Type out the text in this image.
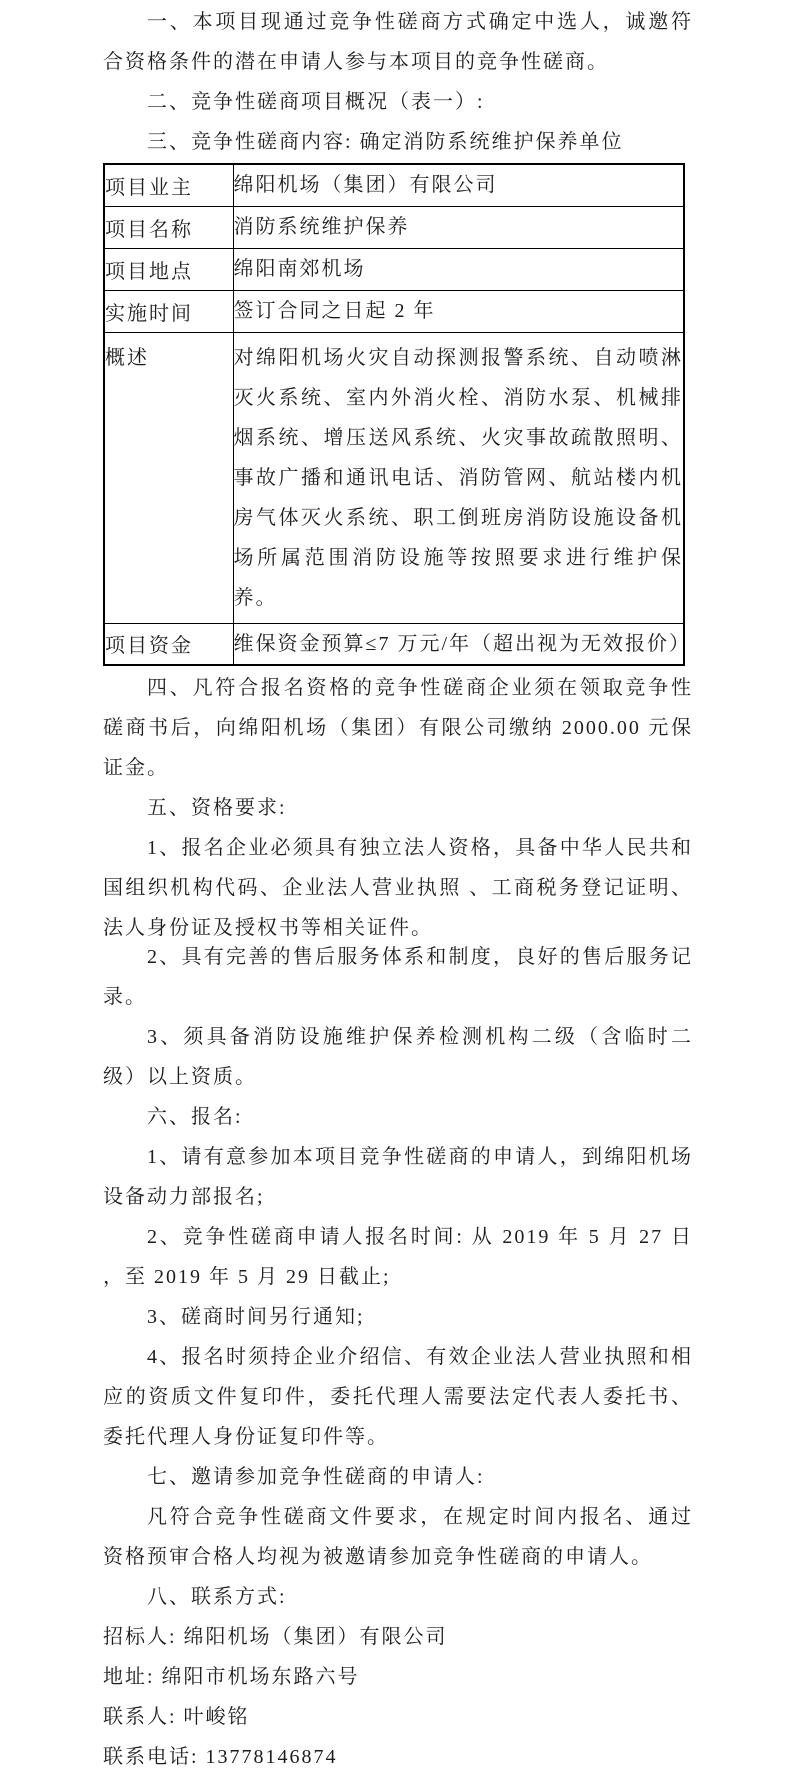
一、本项目现通过竞争性磋商方式确定中选人，诚邀符合资格条件的潜在申请人参与本项目的竞争性磋商。

二、竞争性磋商项目概况（表一）:

三、竞争性磋商内容: 确定消防系统维护保养单位

项目业主	绵阳机场（集团）有限公司
项目名称	消防系统维护保养
项目地点	绵阳南郊机场
实施时间	签订合同之日起 2 年
概述	对绵阳机场火灾自动探测报警系统、自动喷淋灭火系统、室内外消火栓、消防水泵、机械排烟系统、增压送风系统、火灾事故疏散照明、事故广播和通讯电话、消防管网、航站楼内机房气体灭火系统、职工倒班房消防设施设备机场所属范围消防设施等按照要求进行维护保养。
项目资金	维保资金预算≤7 万元/年（超出视为无效报价）

四、凡符合报名资格的竞争性磋商企业须在领取竞争性磋商书后，向绵阳机场（集团）有限公司缴纳 2000.00 元保证金。

五、资格要求:

1、报名企业必须具有独立法人资格，具备中华人民共和国组织机构代码、企业法人营业执照 、工商税务登记证明、法人身份证及授权书等相关证件。

2、具有完善的售后服务体系和制度，良好的售后服务记录。

3、须具备消防设施维护保养检测机构二级（含临时二级）以上资质。

六、报名:

1、请有意参加本项目竞争性磋商的申请人，到绵阳机场设备动力部报名;

2、竞争性磋商申请人报名时间: 从 2019 年 5 月 27 日 ，至 2019 年 5 月 29 日截止;

3、磋商时间另行通知;

4、报名时须持企业介绍信、有效企业法人营业执照和相应的资质文件复印件，委托代理人需要法定代表人委托书、委托代理人身份证复印件等。

七、邀请参加竞争性磋商的申请人:

凡符合竞争性磋商文件要求，在规定时间内报名、通过资格预审合格人均视为被邀请参加竞争性磋商的申请人。

八、联系方式:

招标人: 绵阳机场（集团）有限公司

地址: 绵阳市机场东路六号

联系人: 叶峻铭

联系电话: 13778146874
